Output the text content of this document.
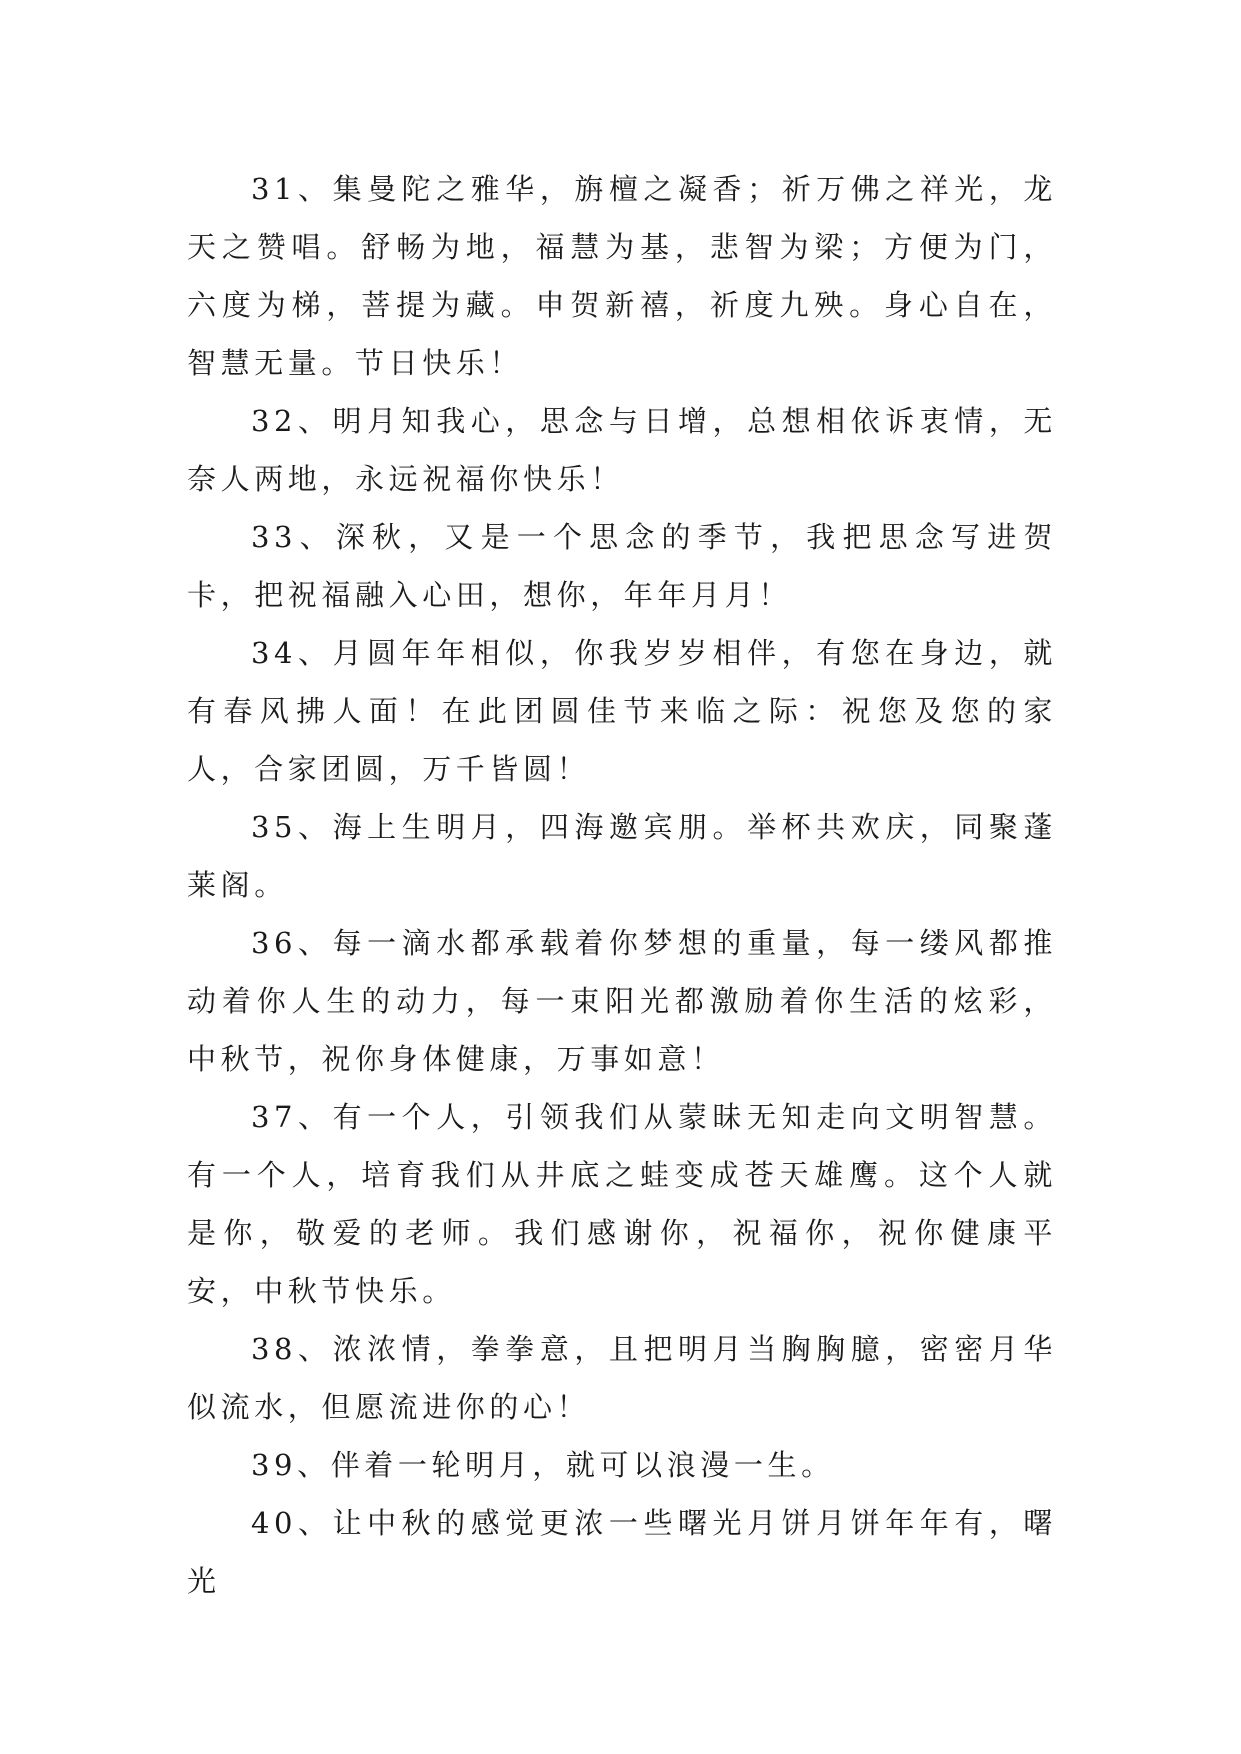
31、集曼陀之雅华，旃檀之凝香；祈万佛之祥光，龙天之赞唱。舒畅为地，福慧为基，悲智为梁；方便为门，六度为梯，菩提为藏。申贺新禧，祈度九殃。身心自在，智慧无量。节日快乐！

32、明月知我心，思念与日增，总想相依诉衷情，无奈人两地，永远祝福你快乐！

33、深秋，又是一个思念的季节，我把思念写进贺卡，把祝福融入心田，想你，年年月月！

34、月圆年年相似，你我岁岁相伴，有您在身边，就有春风拂人面！在此团圆佳节来临之际：祝您及您的家人，合家团圆，万千皆圆！

35、海上生明月，四海邀宾朋。举杯共欢庆，同聚蓬莱阁。

36、每一滴水都承载着你梦想的重量，每一缕风都推动着你人生的动力，每一束阳光都激励着你生活的炫彩，中秋节，祝你身体健康，万事如意！

37、有一个人，引领我们从蒙昧无知走向文明智慧。有一个人，培育我们从井底之蛙变成苍天雄鹰。这个人就是你，敬爱的老师。我们感谢你，祝福你，祝你健康平安，中秋节快乐。

38、浓浓情，拳拳意，且把明月当胸胸臆，密密月华似流水，但愿流进你的心！

39、伴着一轮明月，就可以浪漫一生。

40、让中秋的感觉更浓一些曙光月饼月饼年年有，曙光
